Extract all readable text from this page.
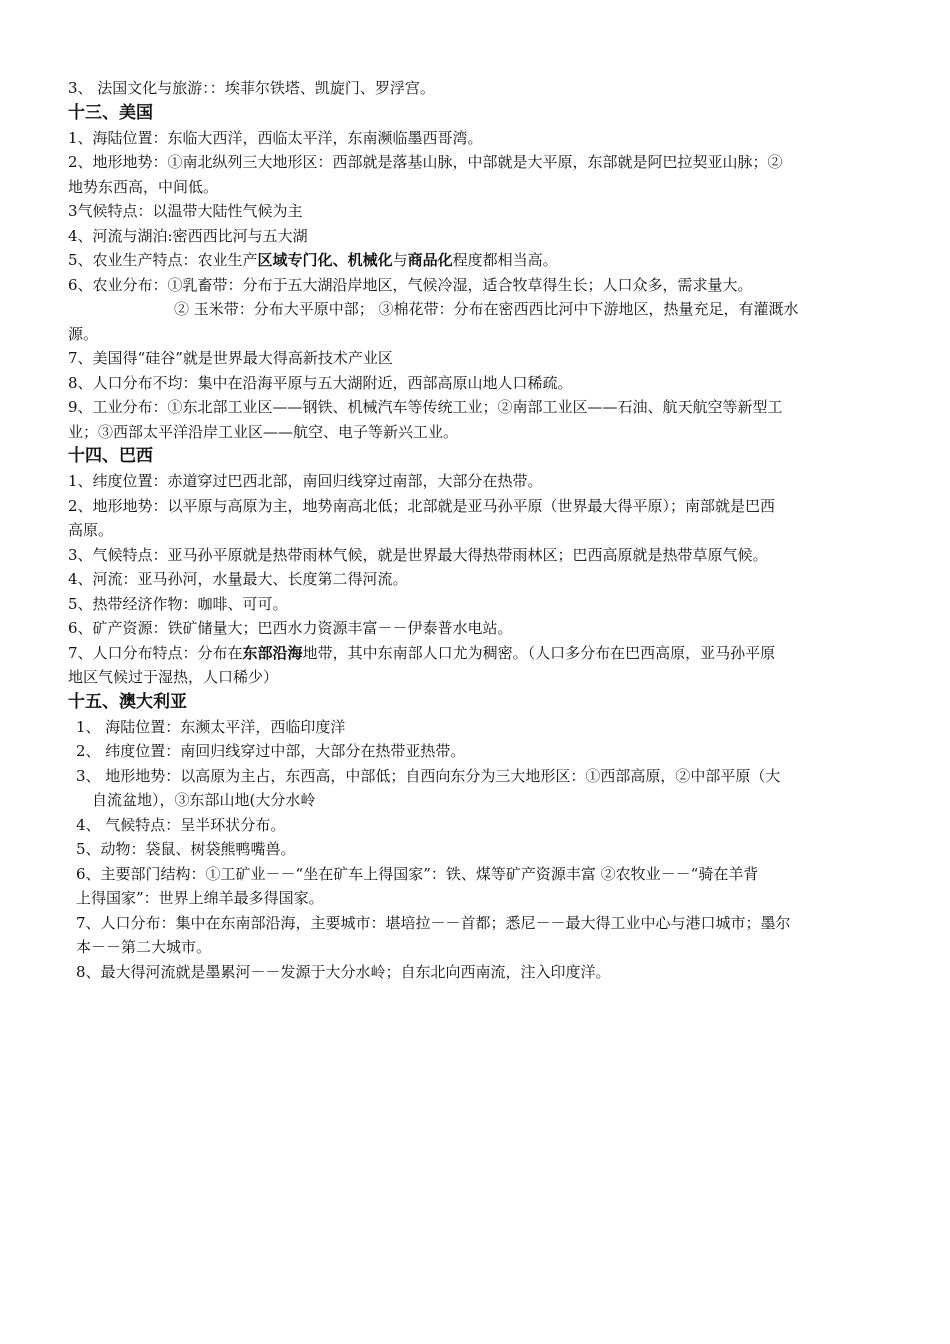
3、 法国文化与旅游：：埃菲尔铁塔、凯旋门、罗浮宫。

十三、美国

1、海陆位置：东临大西洋，西临太平洋，东南濒临墨西哥湾。

2、地形地势：①南北纵列三大地形区：西部就是落基山脉，中部就是大平原，东部就是阿巴拉契亚山脉；②

地势东西高，中间低。

3气候特点：以温带大陆性气候为主

4、河流与湖泊:密西西比河与五大湖

5、农业生产特点：农业生产区域专门化、机械化与商品化程度都相当高。

6、农业分布：①乳畜带：分布于五大湖沿岸地区，气候冷湿，适合牧草得生长；人口众多，需求量大。

② 玉米带：分布大平原中部； ③棉花带：分布在密西西比河中下游地区，热量充足，有灌溉水

源。

7、美国得“硅谷”就是世界最大得高新技术产业区

8、人口分布不均：集中在沿海平原与五大湖附近，西部高原山地人口稀疏。

9、工业分布：①东北部工业区——钢铁、机械汽车等传统工业；②南部工业区——石油、航天航空等新型工

业；③西部太平洋沿岸工业区——航空、电子等新兴工业。

十四、巴西

1、纬度位置：赤道穿过巴西北部，南回归线穿过南部，大部分在热带。

2、地形地势：以平原与高原为主，地势南高北低；北部就是亚马孙平原（世界最大得平原）；南部就是巴西

高原。

3、气候特点：亚马孙平原就是热带雨林气候，就是世界最大得热带雨林区；巴西高原就是热带草原气候。

4、河流：亚马孙河，水量最大、长度第二得河流。

5、热带经济作物：咖啡、可可。

6、矿产资源：铁矿储量大；巴西水力资源丰富－－伊泰普水电站。

7、人口分布特点：分布在东部沿海地带，其中东南部人口尤为稠密。（人口多分布在巴西高原，亚马孙平原

地区气候过于湿热，人口稀少）

十五、澳大利亚

1、 海陆位置：东濒太平洋，西临印度洋

2、 纬度位置：南回归线穿过中部，大部分在热带亚热带。

3、 地形地势：以高原为主占，东西高，中部低；自西向东分为三大地形区：①西部高原，②中部平原（大

自流盆地），③东部山地(大分水岭

4、 气候特点：呈半环状分布。

5、动物：袋鼠、树袋熊鸭嘴兽。

6、主要部门结构：①工矿业－－“坐在矿车上得国家”：铁、煤等矿产资源丰富 ②农牧业－－“骑在羊背

上得国家”：世界上绵羊最多得国家。

7、人口分布：集中在东南部沿海，主要城市：堪培拉－－首都；悉尼－－最大得工业中心与港口城市；墨尔

本－－第二大城市。

8、最大得河流就是墨累河－－发源于大分水岭；自东北向西南流，注入印度洋。
